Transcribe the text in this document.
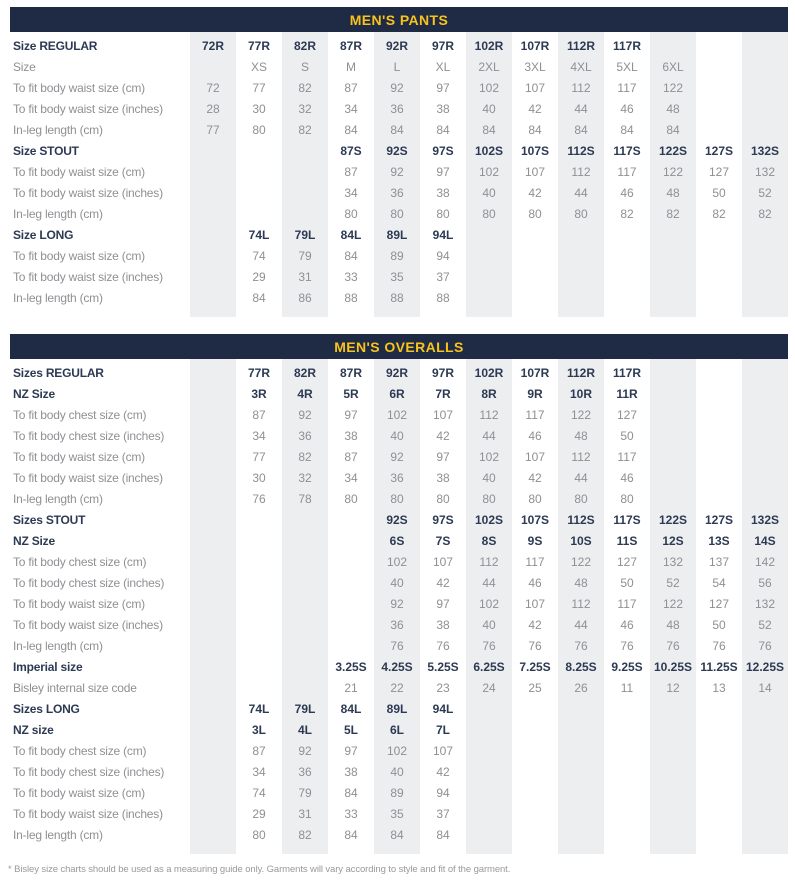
MEN'S PANTS
Size REGULAR	72R	77R	82R	87R	92R	97R	102R	107R	112R	117R
Size	XS	S	M	L	XL	2XL	3XL	4XL	5XL	6XL
To fit body waist size (cm)	72	77	82	87	92	97	102	107	112	117	122
To fit body waist size (inches)	28	30	32	34	36	38	40	42	44	46	48
In-leg length (cm)	77	80	82	84	84	84	84	84	84	84	84
Size STOUT	87S	92S	97S	102S	107S	112S	117S	122S	127S	132S
To fit body waist size (cm)	87	92	97	102	107	112	117	122	127	132
To fit body waist size (inches)	34	36	38	40	42	44	46	48	50	52
In-leg length (cm)	80	80	80	80	80	80	82	82	82	82
Size LONG	74L	79L	84L	89L	94L
To fit body waist size (cm)	74	79	84	89	94
To fit body waist size (inches)	29	31	33	35	37
In-leg length (cm)	84	86	88	88	88
MEN'S OVERALLS
Sizes REGULAR	77R	82R	87R	92R	97R	102R	107R	112R	117R
NZ Size	3R	4R	5R	6R	7R	8R	9R	10R	11R
To fit body chest size (cm)	87	92	97	102	107	112	117	122	127
To fit body chest size (inches)	34	36	38	40	42	44	46	48	50
To fit body waist size (cm)	77	82	87	92	97	102	107	112	117
To fit body waist size (inches)	30	32	34	36	38	40	42	44	46
In-leg length (cm)	76	78	80	80	80	80	80	80	80
Sizes STOUT	92S	97S	102S	107S	112S	117S	122S	127S	132S
NZ Size	6S	7S	8S	9S	10S	11S	12S	13S	14S
To fit body chest size (cm)	102	107	112	117	122	127	132	137	142
To fit body chest size (inches)	40	42	44	46	48	50	52	54	56
To fit body waist size (cm)	92	97	102	107	112	117	122	127	132
To fit body waist size (inches)	36	38	40	42	44	46	48	50	52
In-leg length (cm)	76	76	76	76	76	76	76	76	76
Imperial size	3.25S	4.25S	5.25S	6.25S	7.25S	8.25S	9.25S 10.25S 11.25S 12.25S
Bisley internal size code	21	22	23	24	25	26	11	12	13	14
Sizes LONG	74L	79L	84L	89L	94L
NZ size	3L	4L	5L	6L	7L
To fit body chest size (cm)	87	92	97	102	107
To fit body chest size (inches)	34	36	38	40	42
To fit body waist size (cm)	74	79	84	89	94
To fit body waist size (inches)	29	31	33	35	37
In-leg length (cm)	80	82	84	84	84

* Bisley size charts should be used as a measuring guide only. Garments will vary according to style and fit of the garment.
